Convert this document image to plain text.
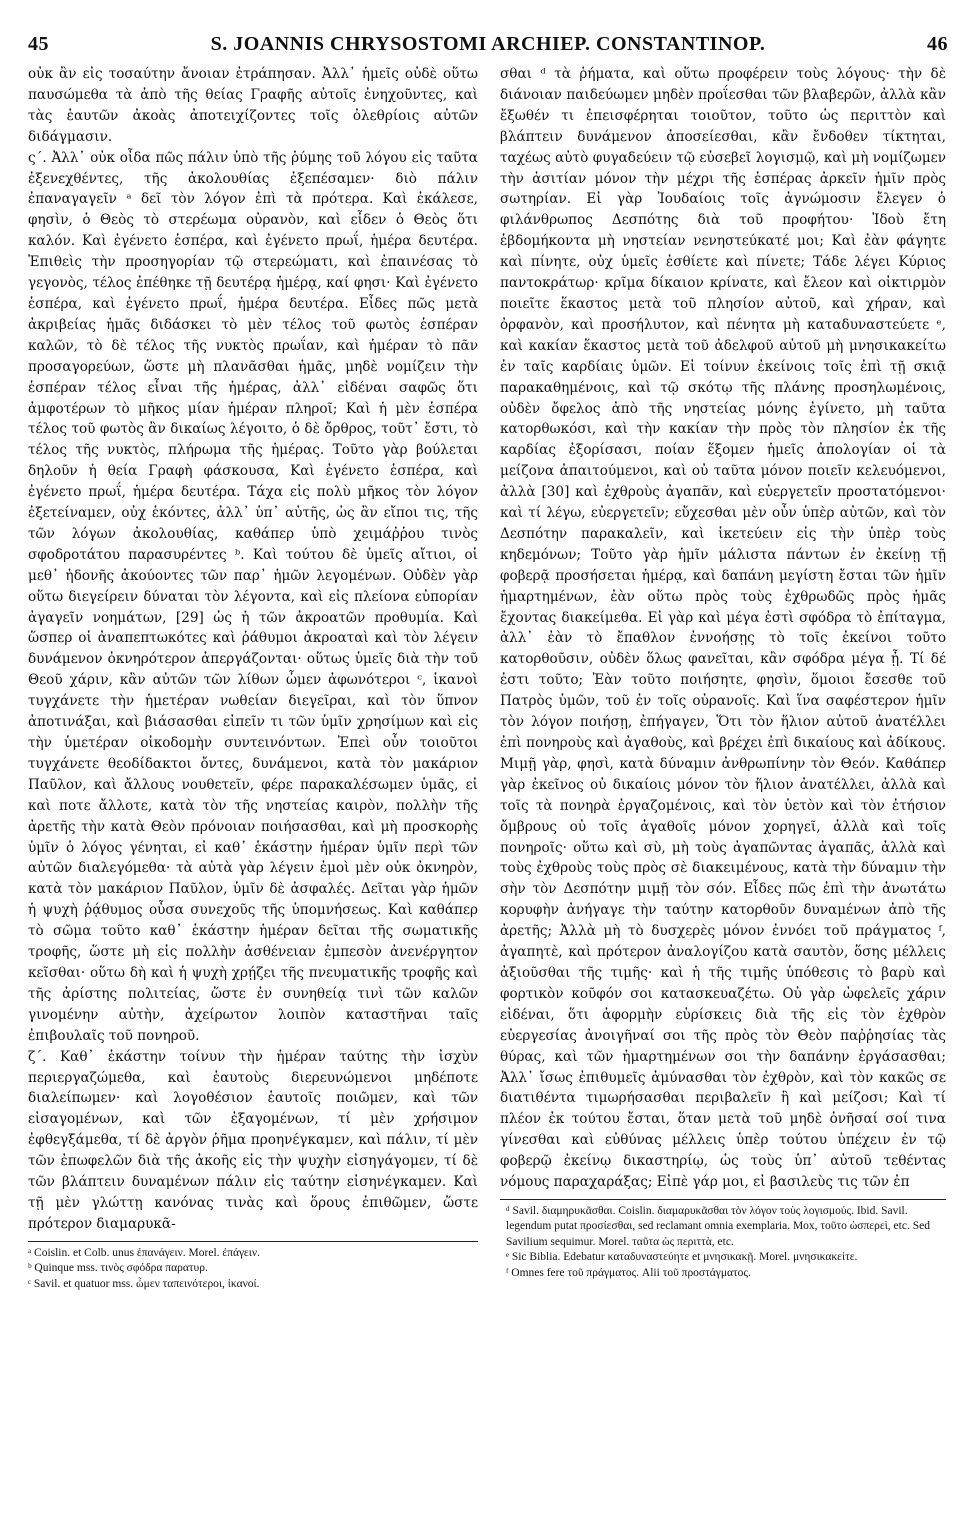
45	S. JOANNIS CHRYSOSTOMI ARCHIEP. CONSTANTINOP.	46

οὐκ ἂν εἰς τοσαύτην ἄνοιαν ἐτράπησαν. Ἀλλ᾽ ἡμεῖς οὐδὲ οὕτω παυσώμεθα τὰ ἀπὸ τῆς θείας Γραφῆς αὐτοῖς ἐνηχοῦντες, καὶ τὰς ἑαυτῶν ἀκοὰς ἀποτειχίζοντες τοῖς ὀλεθρίοις αὐτῶν διδάγμασιν.

ς΄. Ἀλλ᾽ οὐκ οἶδα πῶς πάλιν ὑπὸ τῆς ῥύμης τοῦ λόγου εἰς ταῦτα ἐξενεχθέντες, τῆς ἀκολουθίας ἐξεπέσαμεν· διὸ πάλιν ἐπαναγαγεῖν ᵃ δεῖ τὸν λόγον ἐπὶ τὰ πρότερα. Καὶ ἐκάλεσε, φησὶν, ὁ Θεὸς τὸ στερέωμα οὐρανὸν, καὶ εἶδεν ὁ Θεὸς ὅτι καλόν. Καὶ ἐγένετο ἑσπέρα, καὶ ἐγένετο πρωΐ, ἡμέρα δευτέρα. Ἐπιθεὶς τὴν προσηγορίαν τῷ στερεώματι, καὶ ἐπαινέσας τὸ γεγονὸς, τέλος ἐπέθηκε τῇ δευτέρᾳ ἡμέρᾳ, καί φησι· Καὶ ἐγένετο ἑσπέρα, καὶ ἐγένετο πρωΐ, ἡμέρα δευτέρα. Εἶδες πῶς μετὰ ἀκριβείας ἡμᾶς διδάσκει τὸ μὲν τέλος τοῦ φωτὸς ἑσπέραν καλῶν, τὸ δὲ τέλος τῆς νυκτὸς πρωΐαν, καὶ ἡμέραν τὸ πᾶν προσαγορεύων, ὥστε μὴ πλανᾶσθαι ἡμᾶς, μηδὲ νομίζειν τὴν ἑσπέραν τέλος εἶναι τῆς ἡμέρας, ἀλλ᾽ εἰδέναι σαφῶς ὅτι ἀμφοτέρων τὸ μῆκος μίαν ἡμέραν πληροῖ; Καὶ ἡ μὲν ἑσπέρα τέλος τοῦ φωτὸς ἂν δικαίως λέγοιτο, ὁ δὲ ὄρθρος, τοῦτ᾽ ἔστι, τὸ τέλος τῆς νυκτὸς, πλήρωμα τῆς ἡμέρας. Τοῦτο γὰρ βούλεται δηλοῦν ἡ θεία Γραφὴ φάσκουσα, Καὶ ἐγένετο ἑσπέρα, καὶ ἐγένετο πρωΐ, ἡμέρα δευτέρα. Τάχα εἰς πολὺ μῆκος τὸν λόγον ἐξετείναμεν, οὐχ ἑκόντες, ἀλλ᾽ ὑπ᾽ αὐτῆς, ὡς ἂν εἴποι τις, τῆς τῶν λόγων ἀκολουθίας, καθάπερ ὑπὸ χειμάῤῥου τινὸς σφοδροτάτου παρασυρέντες ᵇ. Καὶ τούτου δὲ ὑμεῖς αἴτιοι, οἱ μεθ᾽ ἡδονῆς ἀκούοντες τῶν παρ᾽ ἡμῶν λεγομένων. Οὐδὲν γὰρ οὕτω διεγείρειν δύναται τὸν λέγοντα, καὶ εἰς πλείονα εὐπορίαν ἀγαγεῖν νοημάτων, [29] ὡς ἡ τῶν ἀκροατῶν προθυμία. Καὶ ὥσπερ οἱ ἀναπεπτωκότες καὶ ῥάθυμοι ἀκροαταὶ καὶ τὸν λέγειν δυνάμενον ὀκνηρότερον ἀπεργάζονται· οὕτως ὑμεῖς διὰ τὴν τοῦ Θεοῦ χάριν, κἂν αὐτῶν τῶν λίθων ὦμεν ἀφωνότεροι ᶜ, ἱκανοὶ τυγχάνετε τὴν ἡμετέραν νωθείαν διεγεῖραι, καὶ τὸν ὕπνον ἀποτινάξαι, καὶ βιάσασθαι εἰπεῖν τι τῶν ὑμῖν χρησίμων καὶ εἰς τὴν ὑμετέραν οἰκοδομὴν συντεινόντων. Ἐπεὶ οὖν τοιοῦτοι τυγχάνετε θεοδίδακτοι ὄντες, δυνάμενοι, κατὰ τὸν μακάριον Παῦλον, καὶ ἄλλους νουθετεῖν, φέρε παρακαλέσωμεν ὑμᾶς, εἰ καὶ ποτε ἄλλοτε, κατὰ τὸν τῆς νηστείας καιρὸν, πολλὴν τῆς ἀρετῆς τὴν κατὰ Θεὸν πρόνοιαν ποιήσασθαι, καὶ μὴ προσκορὴς ὑμῖν ὁ λόγος γένηται, εἰ καθ᾽ ἑκάστην ἡμέραν ὑμῖν περὶ τῶν αὐτῶν διαλεγόμεθα· τὰ αὐτὰ γὰρ λέγειν ἐμοὶ μὲν οὐκ ὀκνηρὸν, κατὰ τὸν μακάριον Παῦλον, ὑμῖν δὲ ἀσφαλές. Δεῖται γὰρ ἡμῶν ἡ ψυχὴ ῥᾴθυμος οὖσα συνεχοῦς τῆς ὑπομνήσεως. Καὶ καθάπερ τὸ σῶμα τοῦτο καθ᾽ ἑκάστην ἡμέραν δεῖται τῆς σωματικῆς τροφῆς, ὥστε μὴ εἰς πολλὴν ἀσθένειαν ἐμπεσὸν ἀνενέργητον κεῖσθαι· οὕτω δὴ καὶ ἡ ψυχὴ χρῄζει τῆς πνευματικῆς τροφῆς καὶ τῆς ἀρίστης πολιτείας, ὥστε ἐν συνηθείᾳ τινὶ τῶν καλῶν γινομένην αὐτὴν, ἀχείρωτον λοιπὸν καταστῆναι ταῖς ἐπιβουλαῖς τοῦ πονηροῦ.

ζ΄. Καθ᾽ ἑκάστην τοίνυν τὴν ἡμέραν ταύτης τὴν ἰσχὺν περιεργαζώμεθα, καὶ ἑαυτοὺς διερευνώμενοι μηδέποτε διαλείπωμεν· καὶ λογοθέσιον ἑαυτοῖς ποιῶμεν, καὶ τῶν εἰσαγομένων, καὶ τῶν ἐξαγομένων, τί μὲν χρήσιμον ἐφθεγξάμεθα, τί δὲ ἀργὸν ῥῆμα προηνέγκαμεν, καὶ πάλιν, τί μὲν τῶν ἐπωφελῶν διὰ τῆς ἀκοῆς εἰς τὴν ψυχὴν εἰσηγάγομεν, τί δὲ τῶν βλάπτειν δυναμένων πάλιν εἰς ταύτην εἰσηνέγκαμεν. Καὶ τῇ μὲν γλώττῃ κανόνας τινὰς καὶ ὅρους ἐπιθῶμεν, ὥστε πρότερον διαμαρυκᾶ-

ᵃ Coislin. et Colb. unus ἐπανάγειν. Morel. ἐπάγειν.

ᵇ Quinque mss. τινὸς σφόδρα παρατυρ.

ᶜ Savil. et quatuor mss. ὦμεν ταπεινότεροι, ἱκανοί.

σθαι ᵈ τὰ ῥήματα, καὶ οὕτω προφέρειν τοὺς λόγους· τὴν δὲ διάνοιαν παιδεύωμεν μηδὲν προΐεσθαι τῶν βλαβερῶν, ἀλλὰ κἂν ἔξωθέν τι ἐπεισφέρηται τοιοῦτον, τοῦτο ὡς περιττὸν καὶ βλάπτειν δυνάμενον ἀποσείεσθαι, κἂν ἔνδοθεν τίκτηται, ταχέως αὐτὸ φυγαδεύειν τῷ εὐσεβεῖ λογισμῷ, καὶ μὴ νομίζωμεν τὴν ἀσιτίαν μόνον τὴν μέχρι τῆς ἑσπέρας ἀρκεῖν ἡμῖν πρὸς σωτηρίαν. Εἰ γὰρ Ἰουδαίοις τοῖς ἀγνώμοσιν ἔλεγεν ὁ φιλάνθρωπος Δεσπότης διὰ τοῦ προφήτου· Ἰδοὺ ἔτη ἑβδομήκοντα μὴ νηστείαν νενηστεύκατέ μοι; Καὶ ἐὰν φάγητε καὶ πίνητε, οὐχ ὑμεῖς ἐσθίετε καὶ πίνετε; Τάδε λέγει Κύριος παντοκράτωρ· κρῖμα δίκαιον κρίνατε, καὶ ἔλεον καὶ οἰκτιρμὸν ποιεῖτε ἕκαστος μετὰ τοῦ πλησίον αὐτοῦ, καὶ χήραν, καὶ ὀρφανὸν, καὶ προσήλυτον, καὶ πένητα μὴ καταδυναστεύετε ᵉ, καὶ κακίαν ἕκαστος μετὰ τοῦ ἀδελφοῦ αὐτοῦ μὴ μνησικακείτω ἐν ταῖς καρδίαις ὑμῶν. Εἰ τοίνυν ἐκείνοις τοῖς ἐπὶ τῇ σκιᾷ παρακαθημένοις, καὶ τῷ σκότῳ τῆς πλάνης προσηλωμένοις, οὐδὲν ὄφελος ἀπὸ τῆς νηστείας μόνης ἐγίνετο, μὴ ταῦτα κατορθωκόσι, καὶ τὴν κακίαν τὴν πρὸς τὸν πλησίον ἐκ τῆς καρδίας ἐξορίσασι, ποίαν ἕξομεν ἡμεῖς ἀπολογίαν οἱ τὰ μείζονα ἀπαιτούμενοι, καὶ οὐ ταῦτα μόνον ποιεῖν κελευόμενοι, ἀλλὰ [30] καὶ ἐχθροὺς ἀγαπᾶν, καὶ εὐεργετεῖν προστατόμενοι· καὶ τί λέγω, εὐεργετεῖν; εὔχεσθαι μὲν οὖν ὑπὲρ αὐτῶν, καὶ τὸν Δεσπότην παρακαλεῖν, καὶ ἱκετεύειν εἰς τὴν ὑπὲρ τοὺς κηδεμόνων; Τοῦτο γὰρ ἡμῖν μάλιστα πάντων ἐν ἐκείνῃ τῇ φοβερᾷ προσήσεται ἡμέρᾳ, καὶ δαπάνη μεγίστη ἔσται τῶν ἡμῖν ἡμαρτημένων, ἐὰν οὕτω πρὸς τοὺς ἐχθρωδῶς πρὸς ἡμᾶς ἔχοντας διακείμεθα. Εἰ γὰρ καὶ μέγα ἐστὶ σφόδρα τὸ ἐπίταγμα, ἀλλ᾽ ἐὰν τὸ ἔπαθλον ἐννοήσῃς τὸ τοῖς ἐκείνοι τοῦτο κατορθοῦσιν, οὐδὲν ὅλως φανεῖται, κἂν σφόδρα μέγα ᾖ. Τί δέ ἐστι τοῦτο; Ἐὰν τοῦτο ποιήσητε, φησὶν, ὅμοιοι ἔσεσθε τοῦ Πατρὸς ὑμῶν, τοῦ ἐν τοῖς οὐρανοῖς. Καὶ ἵνα σαφέστερον ἡμῖν τὸν λόγον ποιήσῃ, ἐπήγαγεν, Ὅτι τὸν ἥλιον αὐτοῦ ἀνατέλλει ἐπὶ πονηροὺς καὶ ἀγαθοὺς, καὶ βρέχει ἐπὶ δικαίους καὶ ἀδίκους. Μιμῇ γὰρ, φησὶ, κατὰ δύναμιν ἀνθρωπίνην τὸν Θεόν. Καθάπερ γὰρ ἐκεῖνος οὐ δικαίοις μόνον τὸν ἥλιον ἀνατέλλει, ἀλλὰ καὶ τοῖς τὰ πονηρὰ ἐργαζομένοις, καὶ τὸν ὑετὸν καὶ τὸν ἐτήσιον ὄμβρους οὐ τοῖς ἀγαθοῖς μόνον χορηγεῖ, ἀλλὰ καὶ τοῖς πονηροῖς· οὕτω καὶ σὺ, μὴ τοὺς ἀγαπῶντας ἀγαπᾶς, ἀλλὰ καὶ τοὺς ἐχθροὺς τοὺς πρὸς σὲ διακειμένους, κατὰ τὴν δύναμιν τὴν σὴν τὸν Δεσπότην μιμῇ τὸν σόν. Εἶδες πῶς ἐπὶ τὴν ἀνωτάτω κορυφὴν ἀνήγαγε τὴν ταύτην κατορθοῦν δυναμένων ἀπὸ τῆς ἀρετῆς; Ἀλλὰ μὴ τὸ δυσχερὲς μόνον ἐννόει τοῦ πράγματος ᶠ, ἀγαπητὲ, καὶ πρότερον ἀναλογίζου κατὰ σαυτὸν, ὅσης μέλλεις ἀξιοῦσθαι τῆς τιμῆς· καὶ ἡ τῆς τιμῆς ὑπόθεσις τὸ βαρὺ καὶ φορτικὸν κοῦφόν σοι κατασκευαζέτω. Οὐ γὰρ ὠφελεῖς χάριν εἰδέναι, ὅτι ἀφορμὴν εὑρίσκεις διὰ τῆς εἰς τὸν ἐχθρὸν εὐεργεσίας ἀνοιγῆναί σοι τῆς πρὸς τὸν Θεὸν παῤῥησίας τὰς θύρας, καὶ τῶν ἡμαρτημένων σοι τὴν δαπάνην ἐργάσασθαι; Ἀλλ᾽ ἴσως ἐπιθυμεῖς ἀμύνασθαι τὸν ἐχθρὸν, καὶ τὸν κακῶς σε διατιθέντα τιμωρήσασθαι περιβαλεῖν ἢ καὶ μείζοσι; Καὶ τί πλέον ἐκ τούτου ἔσται, ὅταν μετὰ τοῦ μηδὲ ὀνῆσαί σοί τινα γίνεσθαι καὶ εὐθύνας μέλλεις ὑπὲρ τούτου ὑπέχειν ἐν τῷ φοβερῷ ἐκείνῳ δικαστηρίῳ, ὡς τοὺς ὑπ᾽ αὐτοῦ τεθέντας νόμους παραχαράξας; Εἰπὲ γάρ μοι, εἰ βασιλεὺς τις τῶν ἐπ

ᵈ Savil. διαμηρυκᾶσθαι. Coislin. διαμαρυκᾶσθαι τὸν λόγον τοὺς λογισμούς. Ibid. Savil. legendum putat προσίεσθαι, sed reclamant omnia exemplaria. Mox, τοῦτο ὡσπερεὶ, etc. Sed Savilium sequimur. Morel. ταῦτα ὡς περιττὰ, etc.

ᵉ Sic Biblia. Edebatur καταδυναστεύητε et μνησικακῇ. Morel. μνησικακείτε.

ᶠ Omnes fere τοῦ πράγματος. Alii τοῦ προστάγματος.
